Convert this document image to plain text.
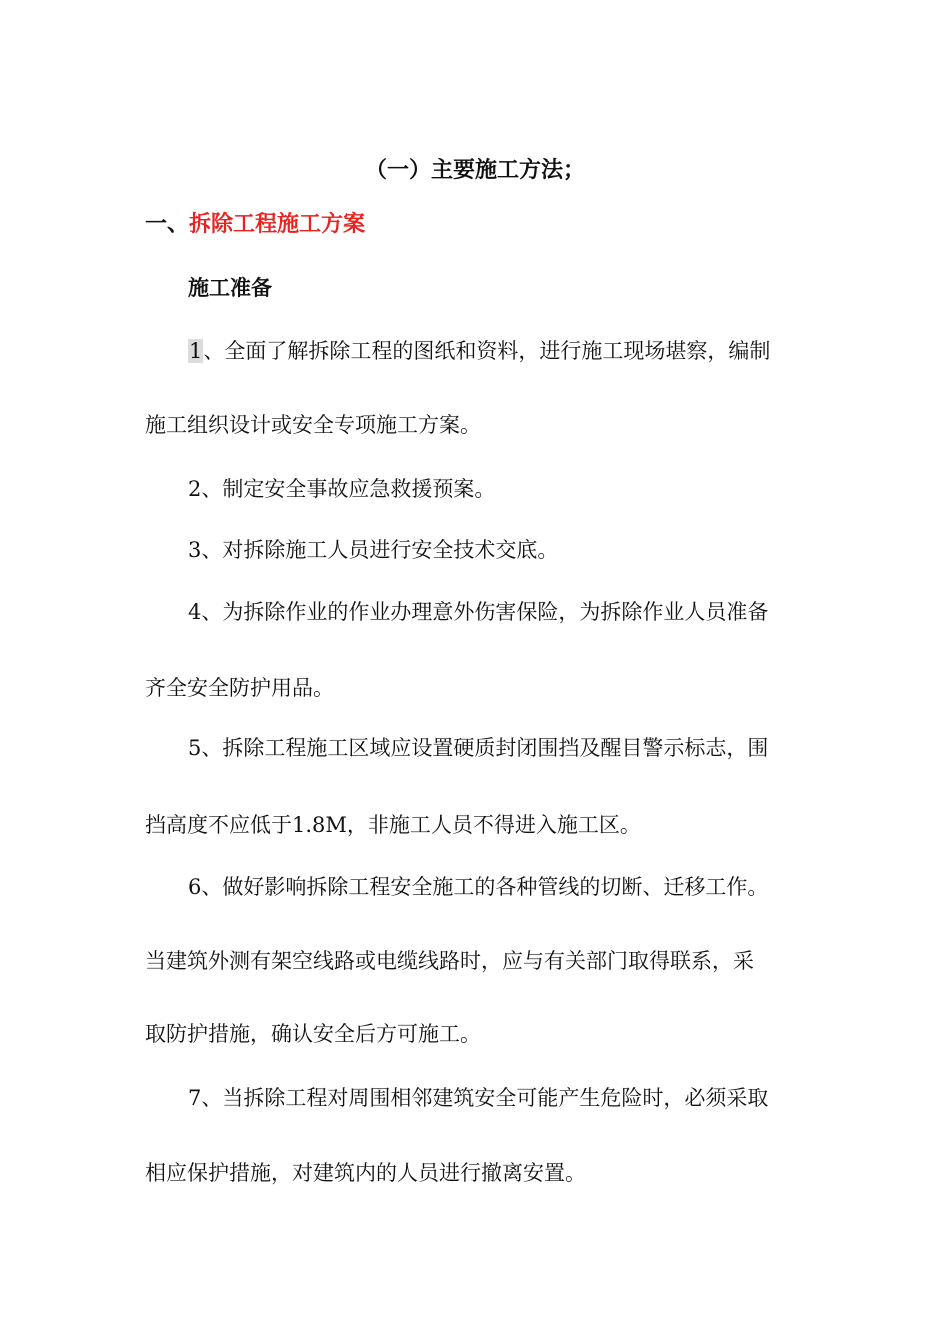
（一）主要施工方法；
一、拆除工程施工方案
施工准备
1、全面了解拆除工程的图纸和资料，进行施工现场堪察，编制
施工组织设计或安全专项施工方案。
2、制定安全事故应急救援预案。
3、对拆除施工人员进行安全技术交底。
4、为拆除作业的作业办理意外伤害保险，为拆除作业人员准备
齐全安全防护用品。
5、拆除工程施工区域应设置硬质封闭围挡及醒目警示标志，围
挡高度不应低于1.8M，非施工人员不得进入施工区。
6、做好影响拆除工程安全施工的各种管线的切断、迁移工作。
当建筑外测有架空线路或电缆线路时，应与有关部门取得联系，采
取防护措施，确认安全后方可施工。
7、当拆除工程对周围相邻建筑安全可能产生危险时，必须采取
相应保护措施，对建筑内的人员进行撤离安置。
